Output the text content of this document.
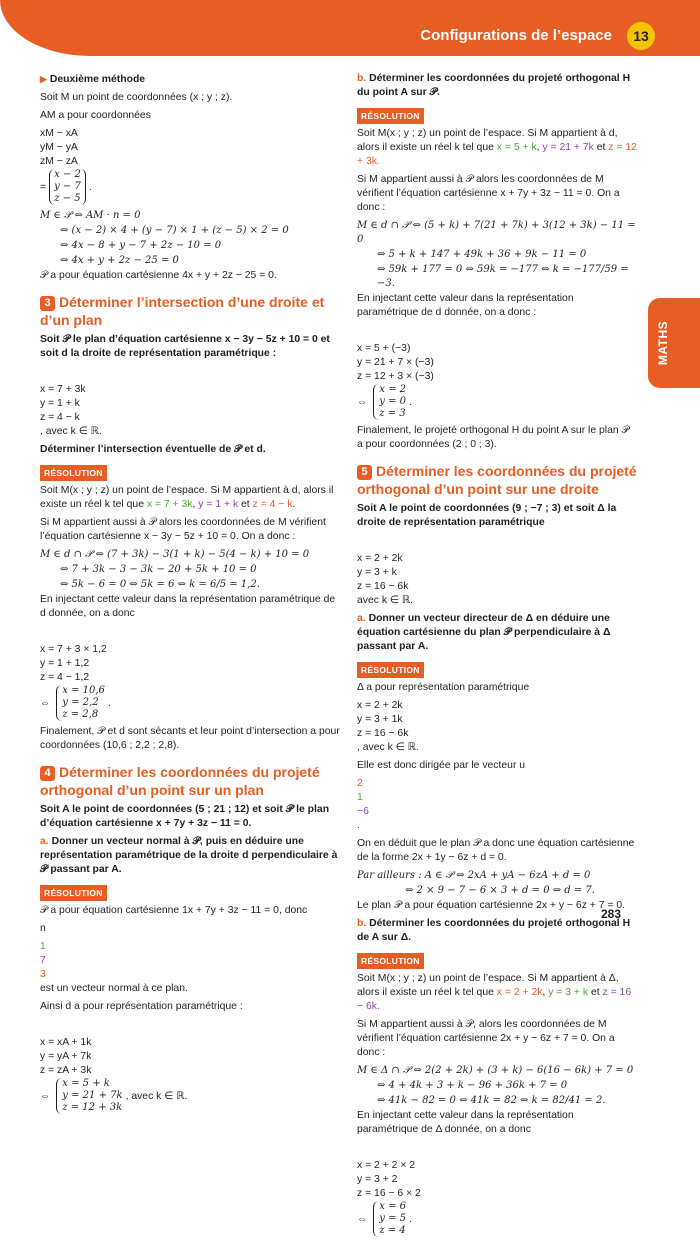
Configurations de l’espace	13
MATHS

▶ Deuxième méthode

Soit M un point de coordonnées (x ; y ; z).

AM a pour coordonnées

xM − xA
yM − yA
zM − zA
=
x − 2
y − 7
z − 5
.

M ∈ 𝒫 ⇔ AM · n = 0
⇔ (x − 2) × 4 + (y − 7) × 1 + (z − 5) × 2 = 0
⇔ 4x − 8 + y − 7 + 2z − 10 = 0
⇔ 4x + y + 2z − 25 = 0

𝒫 a pour équation cartésienne 4x + y + 2z − 25 = 0.

3 Déterminer l’intersection d’une droite et d’un plan

Soit 𝒫 le plan d’équation cartésienne x − 3y − 5z + 10 = 0 et soit d la droite de représentation paramétrique :

x = 7 + 3k
y = 1 + k
z = 4 − k
, avec k ∈ ℝ.

Déterminer l’intersection éventuelle de 𝒫 et d.

RÉSOLUTION

Soit M(x ; y ; z) un point de l’espace. Si M appartient à d, alors il existe un réel k tel que x = 7 + 3k, y = 1 + k et z = 4 − k.

Si M appartient aussi à 𝒫 alors les coordonnées de M vérifient l’équation cartésienne x − 3y − 5z + 10 = 0. On a donc :

M ∈ d ∩ 𝒫 ⇔ (7 + 3k) − 3(1 + k) − 5(4 − k) + 10 = 0
⇔ 7 + 3k − 3 − 3k − 20 + 5k + 10 = 0
⇔ 5k − 6 = 0 ⇔ 5k = 6 ⇔ k = 6/5 = 1,2.

En injectant cette valeur dans la représentation paramétrique de d donnée, on a donc

x = 7 + 3 × 1,2
y = 1 + 1,2
z = 4 − 1,2
⇔
x = 10,6
y = 2,2
z = 2,8
.

Finalement, 𝒫 et d sont sécants et leur point d’intersection a pour coordonnées (10,6 ; 2,2 ; 2,8).

4 Déterminer les coordonnées du projeté orthogonal d’un point sur un plan

Soit A le point de coordonnées (5 ; 21 ; 12) et soit 𝒫 le plan d’équation cartésienne x + 7y + 3z − 11 = 0.

a. Donner un vecteur normal à 𝒫, puis en déduire une représentation paramétrique de la droite d perpendiculaire à 𝒫 passant par A.

RÉSOLUTION

𝒫 a pour équation cartésienne 1x + 7y + 3z − 11 = 0, donc

n

1
7
3
est un vecteur normal à ce plan.

Ainsi d a pour représentation paramétrique :

x = xA + 1k
y = yA + 7k
z = zA + 3k
⇔
x = 5 + k
y = 21 + 7k
z = 12 + 3k
, avec k ∈ ℝ.

b. Déterminer les coordonnées du projeté orthogonal H du point A sur 𝒫.

RÉSOLUTION

Soit M(x ; y ; z) un point de l’espace. Si M appartient à d, alors il existe un réel k tel que x = 5 + k, y = 21 + 7k et z = 12 + 3k.

Si M appartient aussi à 𝒫 alors les coordonnées de M vérifient l’équation cartésienne x + 7y + 3z − 11 = 0. On a donc :

M ∈ d ∩ 𝒫 ⇔ (5 + k) + 7(21 + 7k) + 3(12 + 3k) − 11 = 0
⇔ 5 + k + 147 + 49k + 36 + 9k − 11 = 0
⇔ 59k + 177 = 0 ⇔ 59k = −177 ⇔ k = −177/59 = −3.

En injectant cette valeur dans la représentation paramétrique de d donnée, on a donc :

x = 5 + (−3)
y = 21 + 7 × (−3)
z = 12 + 3 × (−3)
⇔
x = 2
y = 0
z = 3
.

Finalement, le projeté orthogonal H du point A sur le plan 𝒫 a pour coordonnées (2 ; 0 ; 3).

5 Déterminer les coordonnées du projeté orthogonal d’un point sur une droite

Soit A le point de coordonnées (9 ; −7 ; 3) et soit Δ la droite de représentation paramétrique

x = 2 + 2k
y = 3 + k
z = 16 − 6k
avec k ∈ ℝ.

a. Donner un vecteur directeur de Δ en déduire une équation cartésienne du plan 𝒫 perpendiculaire à Δ passant par A.

RÉSOLUTION

Δ a pour représentation paramétrique

x = 2 + 2k
y = 3 + 1k
z = 16 − 6k
, avec k ∈ ℝ.

Elle est donc dirigée par le vecteur u

2
1
−6
.

On en déduit que le plan 𝒫 a donc une équation cartésienne de la forme 2x + 1y − 6z + d = 0.

Par ailleurs : A ∈ 𝒫 ⇔ 2xA + yA − 6zA + d = 0
⇔ 2 × 9 − 7 − 6 × 3 + d = 0 ⇔ d = 7.

Le plan 𝒫 a pour équation cartésienne 2x + y − 6z + 7 = 0.

b. Déterminer les coordonnées du projeté orthogonal H de A sur Δ.

RÉSOLUTION

Soit M(x ; y ; z) un point de l’espace. Si M appartient à Δ, alors il existe un réel k tel que x = 2 + 2k, y = 3 + k et z = 16 − 6k.

Si M appartient aussi à 𝒫, alors les coordonnées de M vérifient l’équation cartésienne 2x + y − 6z + 7 = 0. On a donc :

M ∈ Δ ∩ 𝒫 ⇔ 2(2 + 2k) + (3 + k) − 6(16 − 6k) + 7 = 0
⇔ 4 + 4k + 3 + k − 96 + 36k + 7 = 0
⇔ 41k − 82 = 0 ⇔ 41k = 82 ⇔ k = 82/41 = 2.

En injectant cette valeur dans la représentation paramétrique de Δ donnée, on a donc

x = 2 + 2 × 2
y = 3 + 2
z = 16 − 6 × 2
⇔
x = 6
y = 5
z = 4
.

283
